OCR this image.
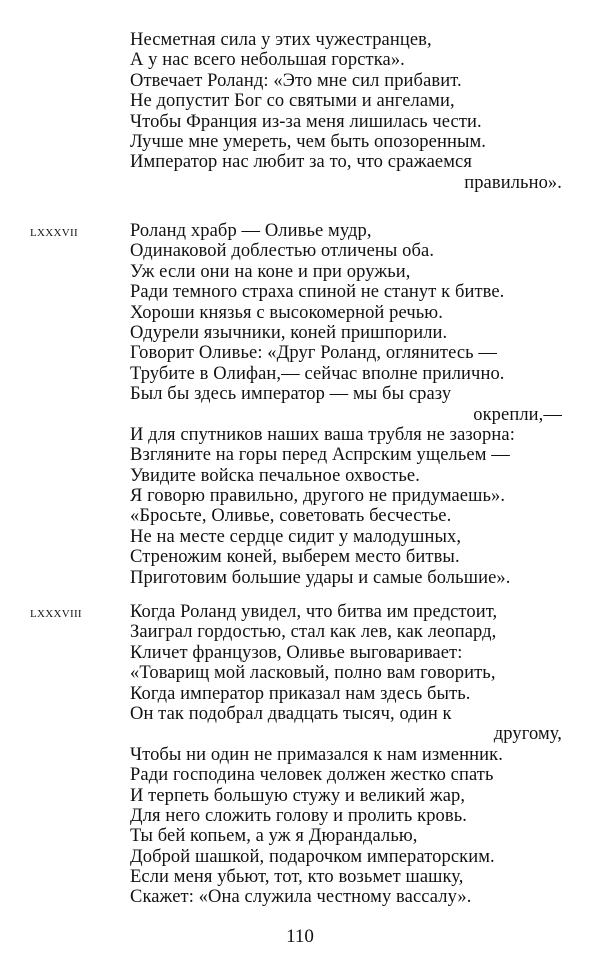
Несметная сила у этих чужестранцев,
А у нас всего небольшая горстка».
Отвечает Роланд: «Это мне сил прибавит.
Не допустит Бог со святыми и ангелами,
Чтобы Франция из-за меня лишилась чести.
Лучше мне умереть, чем быть опозоренным.
Император нас любит за то, что сражаемся
правильно».
LXXXVII	Роланд храбр — Оливье мудр,
Одинаковой доблестью отличены оба.
Уж если они на коне и при оружьи,
Ради темного страха спиной не станут к битве.
Хороши князья с высокомерной речью.
Одурели язычники, коней пришпорили.
Говорит Оливье: «Друг Роланд, оглянитесь —
Трубите в Олифан,— сейчас вполне прилично.
Был бы здесь император — мы бы сразу
окрепли,—
И для спутников наших ваша трубля не зазорна:
Взгляните на горы перед Аспрским ущельем —
Увидите войска печальное охвостье.
Я говорю правильно, другого не придумаешь».
«Бросьте, Оливье, советовать бесчестье.
Не на месте сердце сидит у малодушных,
Стреножим коней, выберем место битвы.
Приготовим большие удары и самые большие».
LXXXVIII	Когда Роланд увидел, что битва им предстоит,
Заиграл гордостью, стал как лев, как леопард,
Кличет французов, Оливье выговаривает:
«Товарищ мой ласковый, полно вам говорить,
Когда император приказал нам здесь быть.
Он так подобрал двадцать тысяч, один к
другому,
Чтобы ни один не примазался к нам изменник.
Ради господина человек должен жестко спать
И терпеть большую стужу и великий жар,
Для него сложить голову и пролить кровь.
Ты бей копьем, а уж я Дюрандалью,
Доброй шашкой, подарочком императорским.
Если меня убьют, тот, кто возьмет шашку,
Скажет: «Она служила честному вассалу».
110
